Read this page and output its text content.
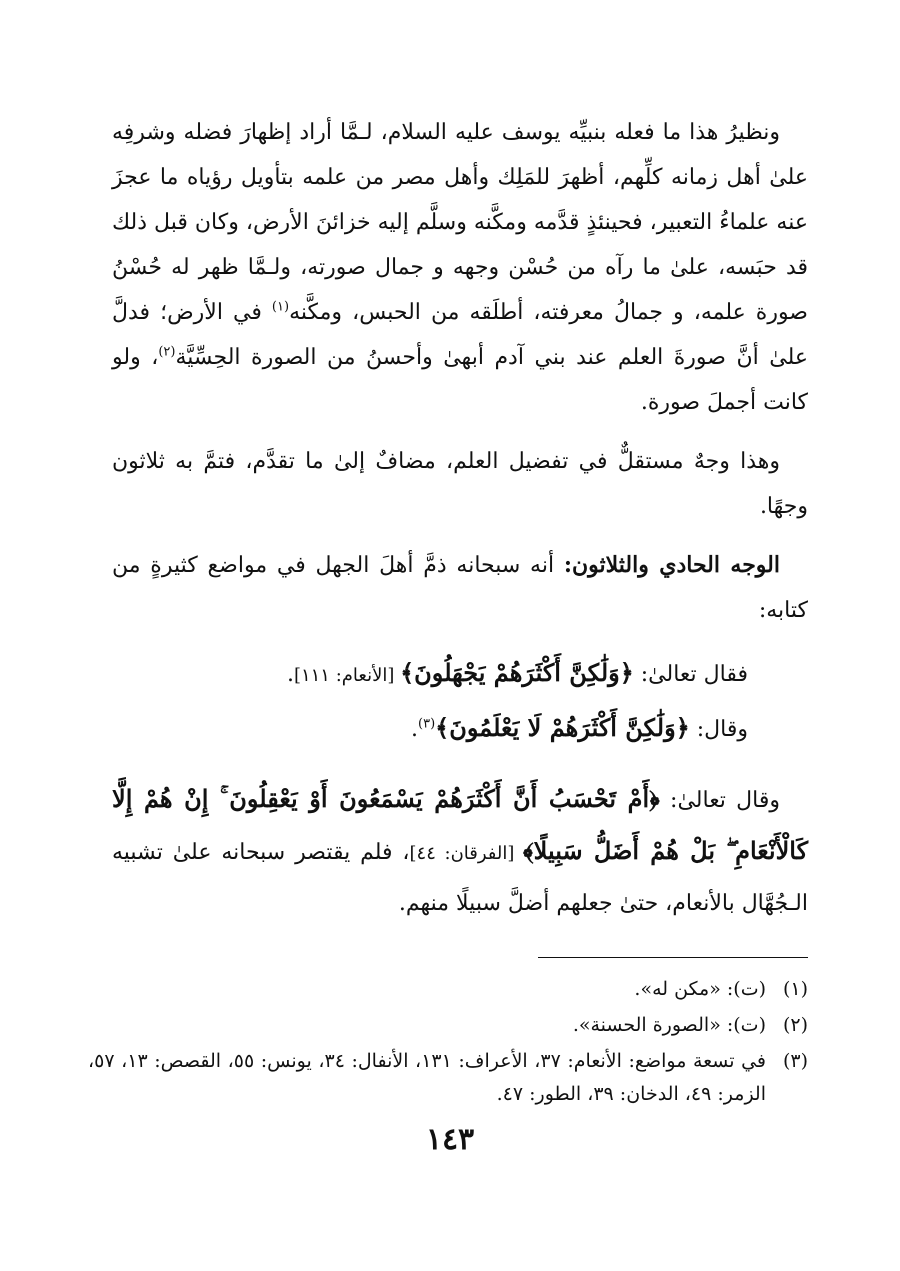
ونظيرُ هذا ما فعله بنبيِّه يوسف عليه السلام، لـمَّا أراد إظهارَ فضله وشرفِه علىٰ أهل زمانه كلِّهم، أظهرَ للمَلِك وأهل مصر من علمه بتأويل رؤياه ما عجزَ عنه علماءُ التعبير، فحينئذٍ قدَّمه ومكَّنه وسلَّم إليه خزائنَ الأرض، وكان قبل ذلك قد حبَسه، علىٰ ما رآه من حُسْن وجهه و جمال صورته، ولـمَّا ظهر له حُسْنُ صورة علمه، و جمالُ معرفته، أطلَقه من الحبس، ومكَّنه$^{(١)}$ في الأرض؛ فدلَّ علىٰ أنَّ صورةَ العلم عند بني آدم أبهىٰ وأحسنُ من الصورة الحِسِّيَّة$^{(٢)}$، ولو كانت أجملَ صورة.

وهذا وجهٌ مستقلٌّ في تفضيل العلم، مضافٌ إلىٰ ما تقدَّم، فتمَّ به ثلاثون وجهًا.

الوجه الحادي والثلاثون: أنه سبحانه ذمَّ أهلَ الجهل في مواضع كثيرةٍ من كتابه:

فقال تعالىٰ: ﴿وَلَٰكِنَّ أَكْثَرَهُمْ يَجْهَلُونَ﴾ [الأنعام: ١١١].

وقال: ﴿وَلَٰكِنَّ أَكْثَرَهُمْ لَا يَعْلَمُونَ﴾$^{(٣)}$.

وقال تعالىٰ: ﴿أَمْ تَحْسَبُ أَنَّ أَكْثَرَهُمْ يَسْمَعُونَ أَوْ يَعْقِلُونَ ۚ إِنْ هُمْ إِلَّا كَالْأَنْعَامِ ۖ بَلْ هُمْ أَضَلُّ سَبِيلًا﴾ [الفرقان: ٤٤]، فلم يقتصر سبحانه علىٰ تشبيه الـجُهَّال بالأنعام، حتىٰ جعلهم أضلَّ سبيلًا منهم.

(١)
(ت): «مكن له».
(٢)
(ت): «الصورة الحسنة».
(٣)
في تسعة مواضع: الأنعام: ٣٧، الأعراف: ١٣١، الأنفال: ٣٤، يونس: ٥٥، القصص: ١٣، ٥٧، الزمر: ٤٩، الدخان: ٣٩، الطور: ٤٧.
١٤٣
